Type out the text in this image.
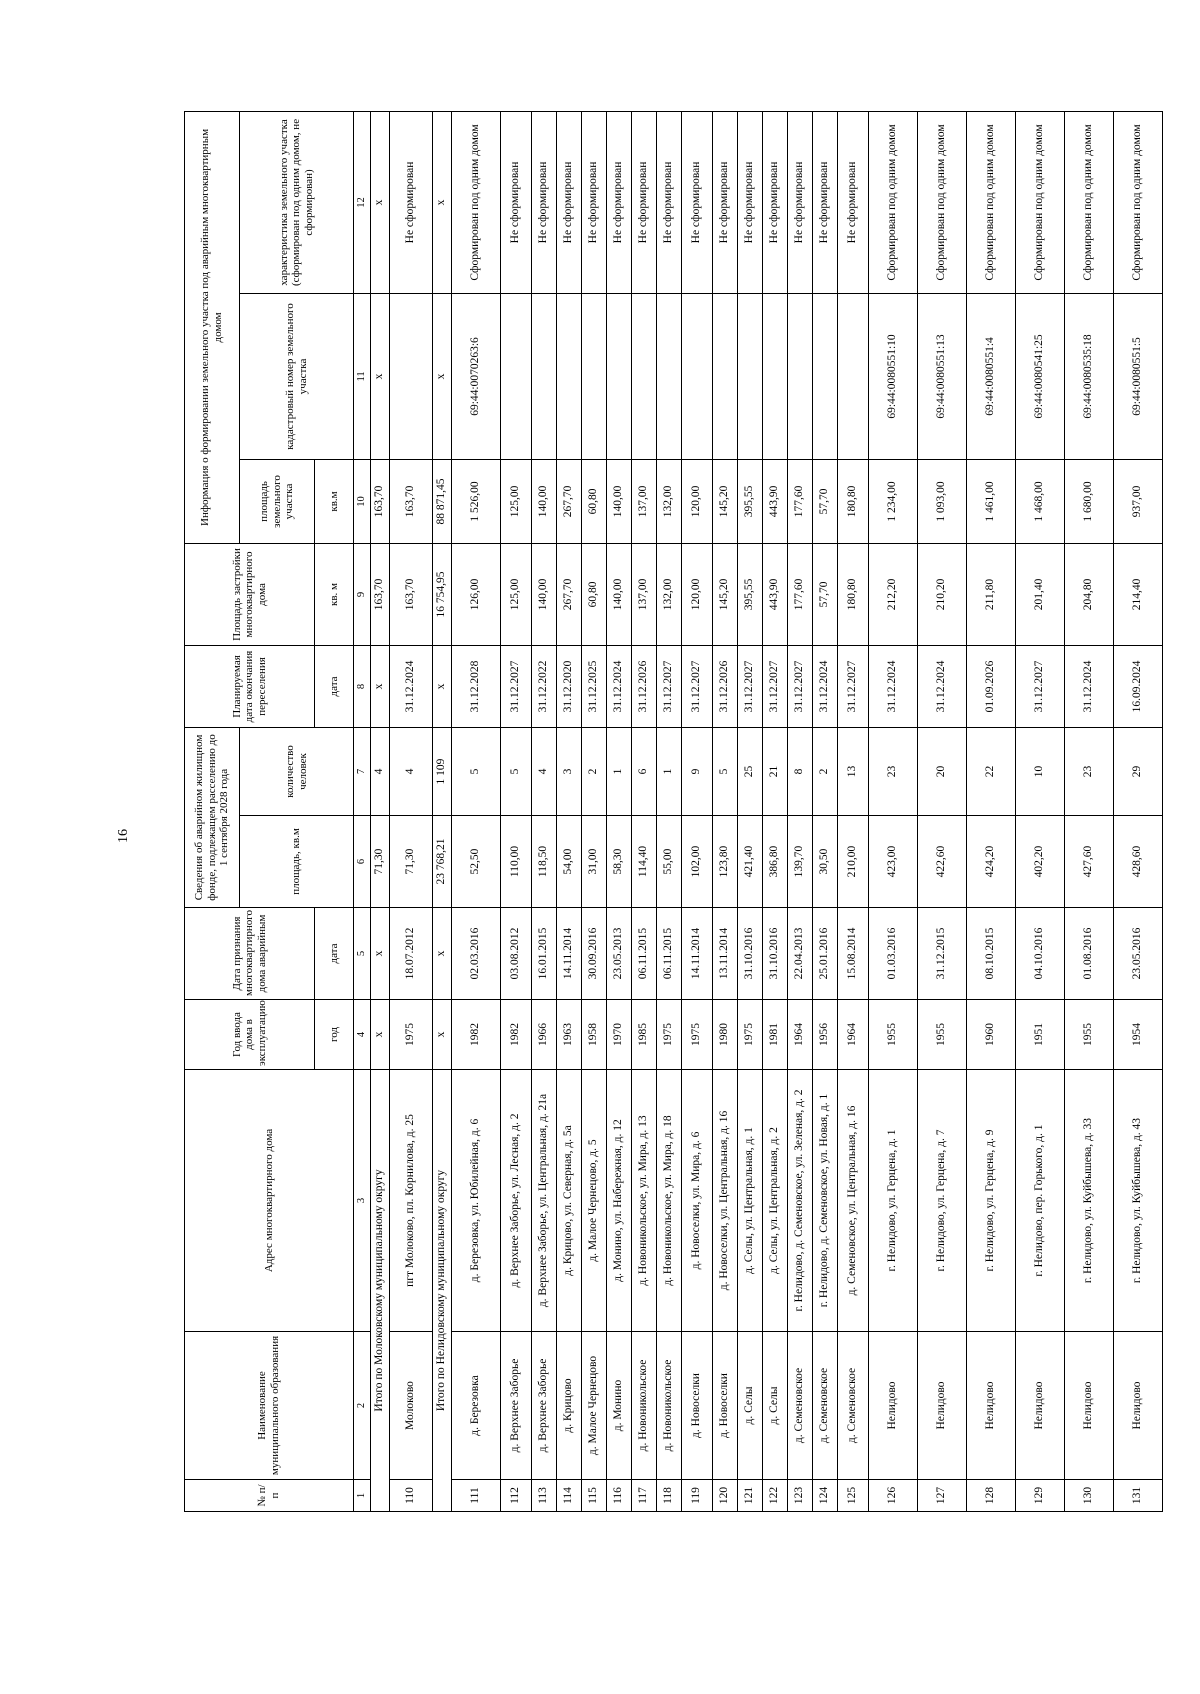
16
№ п/п	Наименование муниципального образования	Адрес многоквартирного дома	Год ввода дома в эксплуатацию	Дата признания многоквартирного дома аварийным	Сведения об аварийном жилищном фонде, подлежащем расселению до 1 сентября 2028 года		Планируемая дата окончания переселения	Площадь застройки многоквартирного дома	Информация о формировании земельного участка под аварийным многоквартирным домом		
					площадь, кв.м	количество человек			площадь земельного участка	кадастровый номер земельного участка	характеристика земельного участка (сформирован под одним домом, не сформирован)
			год	дата			дата	кв. м	кв.м		
1	2	3	4	5	6	7	8	9	10	11	12
Итого по Молоковскому муниципальному округу			х	х	71,30	4	х	163,70	163,70	х	х
110	Молоково	пгт Молоково, пл. Корнилова, д. 25	1975	18.07.2012	71,30	4	31.12.2024	163,70	163,70		Не сформирован
Итого по Нелидовскому муниципальному округу			х	х	23 768,21	1 109	х	16 754,95	88 871,45	х	х
111	д. Березовка	д. Березовка, ул. Юбилейная, д. 6	1982	02.03.2016	52,50	5	31.12.2028	126,00	1 526,00	69:44:0070263:6	Сформирован под одним домом
112	д. Верхнее Заборье	д. Верхнее Заборье, ул. Лесная, д. 2	1982	03.08.2012	110,00	5	31.12.2027	125,00	125,00		Не сформирован
113	д. Верхнее Заборье	д. Верхнее Заборье, ул. Центральная, д. 21а	1966	16.01.2015	118,50	4	31.12.2022	140,00	140,00		Не сформирован
114	д. Крицово	д. Крицово, ул. Северная, д. 5а	1963	14.11.2014	54,00	3	31.12.2020	267,70	267,70		Не сформирован
115	д. Малое Чернецово	д. Малое Чернецово, д. 5	1958	30.09.2016	31,00	2	31.12.2025	60,80	60,80		Не сформирован
116	д. Монино	д. Монино, ул. Набережная, д. 12	1970	23.05.2013	58,30	1	31.12.2024	140,00	140,00		Не сформирован
117	д. Новоникольское	д. Новоникольское, ул. Мира, д. 13	1985	06.11.2015	114,40	6	31.12.2026	137,00	137,00		Не сформирован
118	д. Новоникольское	д. Новоникольское, ул. Мира, д. 18	1975	06.11.2015	55,00	1	31.12.2027	132,00	132,00		Не сформирован
119	д. Новоселки	д. Новоселки, ул. Мира, д. 6	1975	14.11.2014	102,00	9	31.12.2027	120,00	120,00		Не сформирован
120	д. Новоселки	д. Новоселки, ул. Центральная, д. 16	1980	13.11.2014	123,80	5	31.12.2026	145,20	145,20		Не сформирован
121	д. Селы	д. Селы, ул. Центральная, д. 1	1975	31.10.2016	421,40	25	31.12.2027	395,55	395,55		Не сформирован
122	д. Селы	д. Селы, ул. Центральная, д. 2	1981	31.10.2016	386,80	21	31.12.2027	443,90	443,90		Не сформирован
123	д. Семеновское	г. Нелидово, д. Семеновское, ул. Зеленая, д. 2	1964	22.04.2013	139,70	8	31.12.2027	177,60	177,60		Не сформирован
124	д. Семеновское	г. Нелидово, д. Семеновское, ул. Новая, д. 1	1956	25.01.2016	30,50	2	31.12.2024	57,70	57,70		Не сформирован
125	д. Семеновское	д. Семеновское, ул. Центральная, д. 16	1964	15.08.2014	210,00	13	31.12.2027	180,80	180,80		Не сформирован
126	Нелидово	г. Нелидово, ул. Герцена, д. 1	1955	01.03.2016	423,00	23	31.12.2024	212,20	1 234,00	69:44:0080551:10	Сформирован под одним домом
127	Нелидово	г. Нелидово, ул. Герцена, д. 7	1955	31.12.2015	422,60	20	31.12.2024	210,20	1 093,00	69:44:0080551:13	Сформирован под одним домом
128	Нелидово	г. Нелидово, ул. Герцена, д. 9	1960	08.10.2015	424,20	22	01.09.2026	211,80	1 461,00	69:44:0080551:4	Сформирован под одним домом
129	Нелидово	г. Нелидово, пер. Горького, д. 1	1951	04.10.2016	402,20	10	31.12.2027	201,40	1 468,00	69:44:0080541:25	Сформирован под одним домом
130	Нелидово	г. Нелидово, ул. Куйбышева, д. 33	1955	01.08.2016	427,60	23	31.12.2024	204,80	1 680,00	69:44:0080535:18	Сформирован под одним домом
131	Нелидово	г. Нелидово, ул. Куйбышева, д. 43	1954	23.05.2016	428,60	29	16.09.2024	214,40	937,00	69:44:0080551:5	Сформирован под одним домом
